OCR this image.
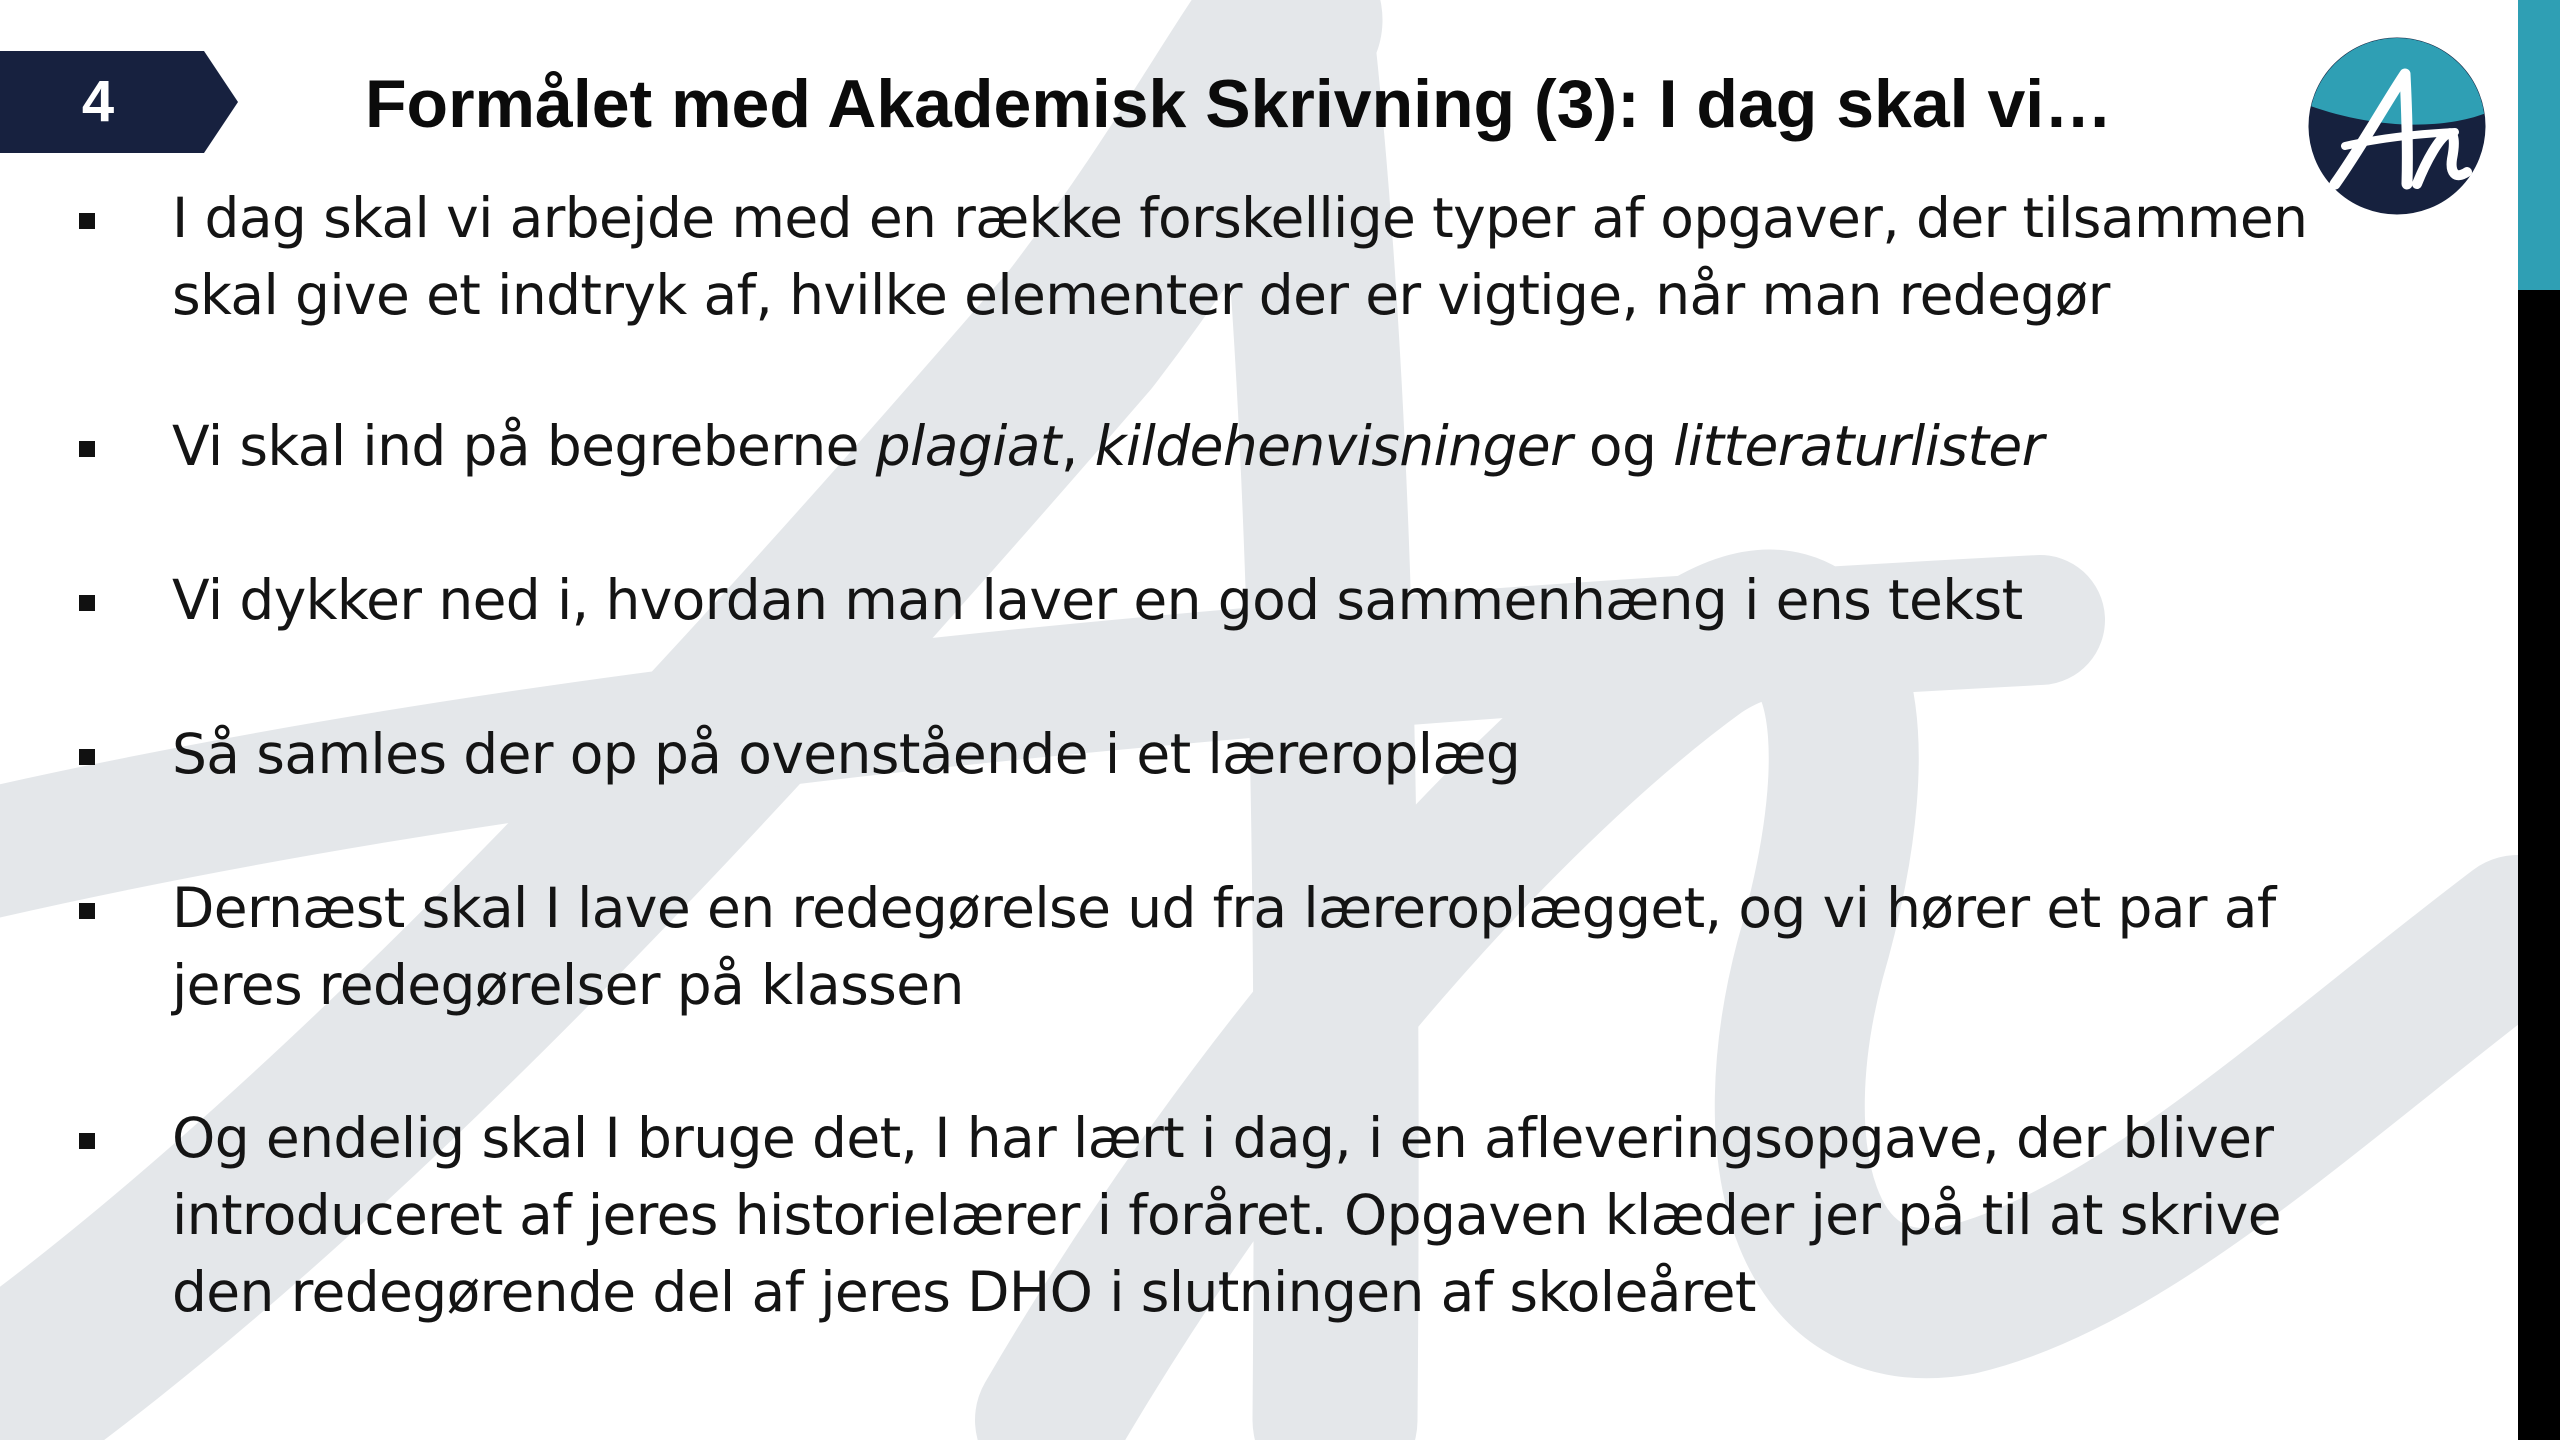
4	Formålet med Akademisk Skrivning (3): I dag skal vi…
I dag skal vi arbejde med en række forskellige typer af opgaver, der tilsammen skal give et indtryk af, hvilke elementer der er vigtige, når man redegør
Vi skal ind på begreberne plagiat, kildehenvisninger og litteraturlister
Vi dykker ned i, hvordan man laver en god sammenhæng i ens tekst
Så samles der op på ovenstående i et læreroplæg
Dernæst skal I lave en redegørelse ud fra læreroplægget, og vi hører et par af jeres redegørelser på klassen
Og endelig skal I bruge det, I har lært i dag, i en afleveringsopgave, der bliver introduceret af jeres historielærer i foråret. Opgaven klæder jer på til at skrive den redegørende del af jeres DHO i slutningen af skoleåret
